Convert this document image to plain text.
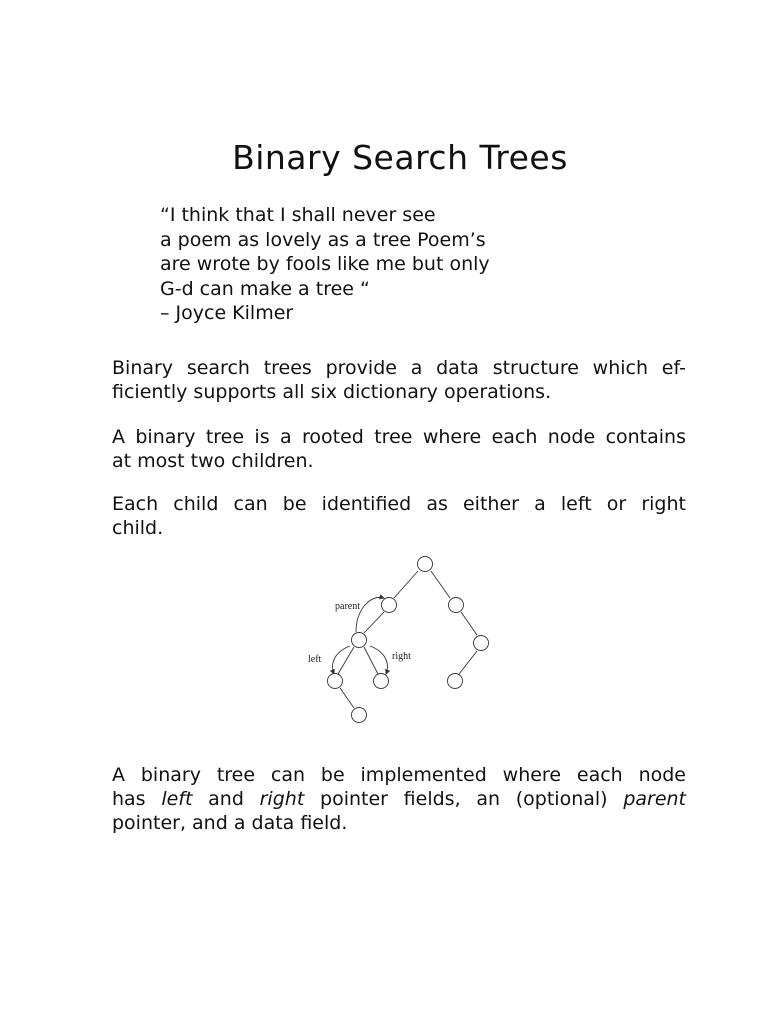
Binary Search Trees
“I think that I shall never see
a poem as lovely as a tree Poem’s
are wrote by fools like me but only
G-d can make a tree “
– Joyce Kilmer
Binary search trees provide a data structure which ef-
ficiently supports all six dictionary operations.
A binary tree is a rooted tree where each node contains
at most two children.
Each child can be identified as either a left or right
child.
parent
left	right
A binary tree can be implemented where each node
has left and right pointer fields, an (optional) parent
pointer, and a data field.
